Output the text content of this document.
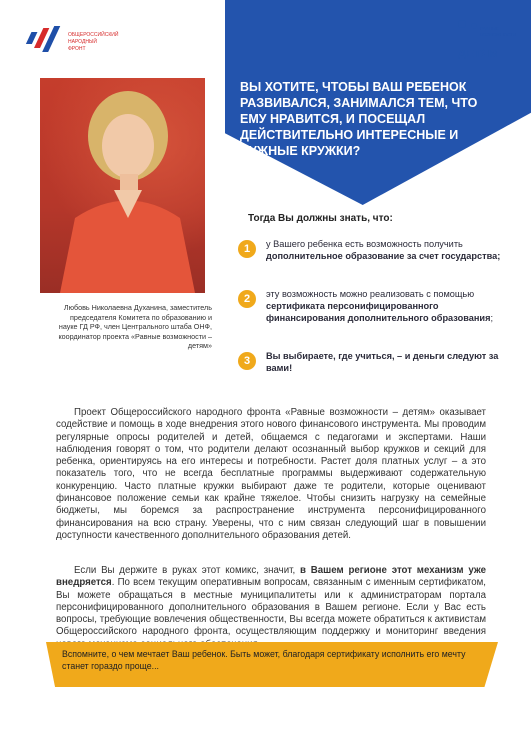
ОБЩЕРОССИЙСКИЙ
НАРОДНЫЙ
ФРОНТ
РАВНЫЕ
ВОЗМОЖНОСТИ
ДЕТЯМ
ВЫ ХОТИТЕ, ЧТОБЫ ВАШ РЕБЕНОК РАЗВИВАЛСЯ, ЗАНИМАЛСЯ ТЕМ, ЧТО ЕМУ НРАВИТСЯ, И ПОСЕЩАЛ ДЕЙСТВИТЕЛЬНО ИНТЕРЕСНЫЕ И НУЖНЫЕ КРУЖКИ?
Любовь Николаевна Духанина, заместитель председателя Комитета по образованию и науке ГД РФ, член Центрального штаба ОНФ, координатор проекта «Равные возможности – детям»
Тогда Вы должны знать, что:
1	у Вашего ребенка есть возможность получить дополнительное образование за счет государства;
2	эту возможность можно реализовать с помощью сертификата персонифицированного финансирования дополнительного образования;
3	Вы выбираете, где учиться, – и деньги следуют за вами!
Проект Общероссийского народного фронта «Равные возможности – детям» оказывает содействие и помощь в ходе внедрения этого нового финансового инструмента. Мы проводим регулярные опросы родителей и детей, общаемся с педагогами и экспертами. Наши наблюдения говорят о том, что родители делают осознанный выбор кружков и секций для ребенка, ориентируясь на его интересы и потребности. Растет доля платных услуг – а это показатель того, что не всегда бесплатные программы выдерживают содержательную конкуренцию. Часто платные кружки выбирают даже те родители, которые оценивают финансовое положение семьи как крайне тяжелое. Чтобы снизить нагрузку на семейные бюджеты, мы боремся за распространение инструмента персонифицированного финансирования на всю страну. Уверены, что с ним связан следующий шаг в повышении доступности качественного дополнительного образования детей.
Если Вы держите в руках этот комикс, значит, в Вашем регионе этот механизм уже внедряется. По всем текущим оперативным вопросам, связанным с именным сертификатом, Вы можете обращаться в местные муниципалитеты или к администраторам портала персонифицированного дополнительного образования в Вашем регионе. Если у Вас есть вопросы, требующие вовлечения общественности, Вы всегда можете обратиться к активистам Общероссийского народного фронта, осуществляющим поддержку и мониторинг введения
Вспомните, о чем мечтает Ваш ребенок. Быть может, благодаря сертификату исполнить его мечту станет гораздо проще...
